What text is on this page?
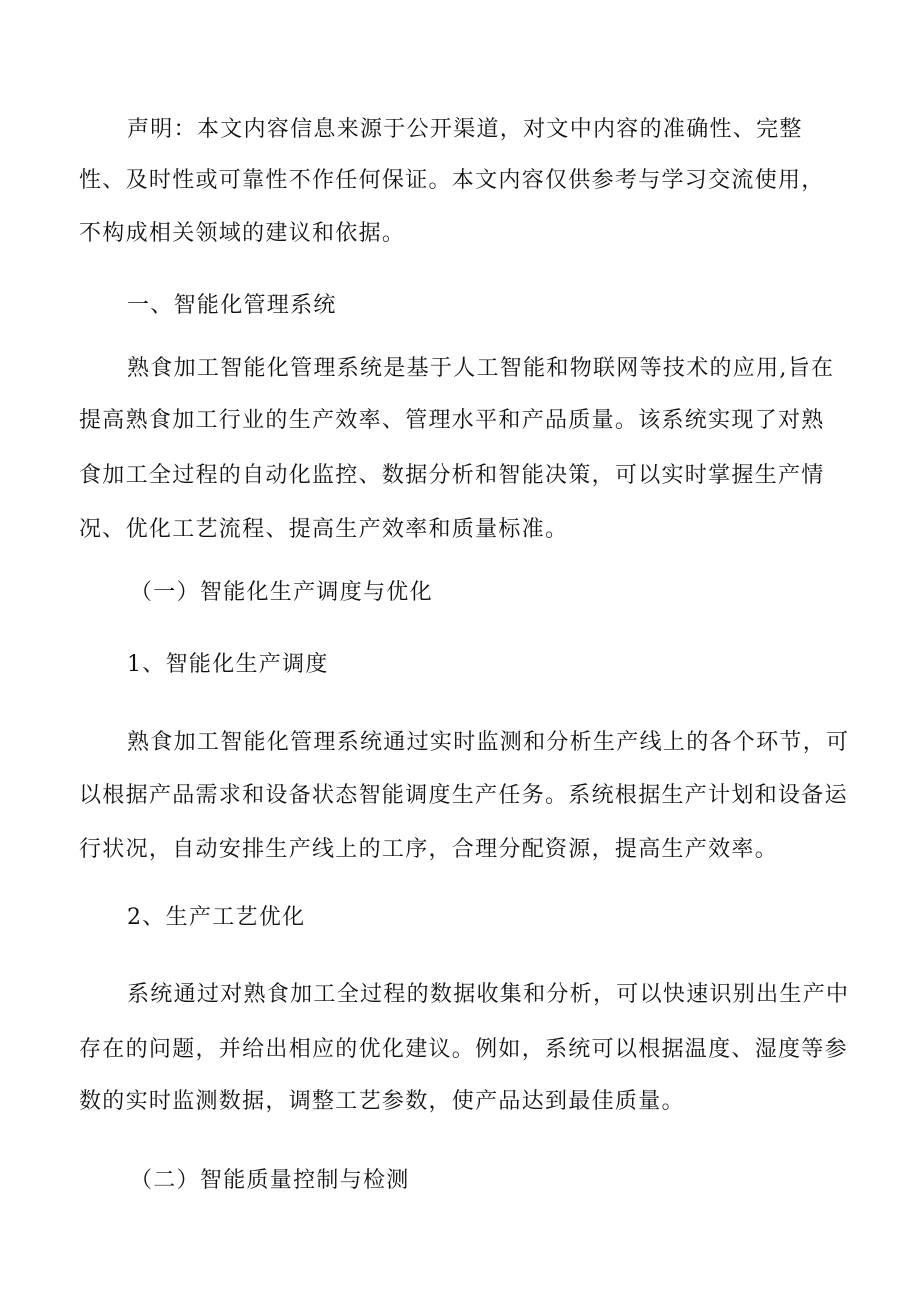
声明：本文内容信息来源于公开渠道，对文中内容的准确性、完整
性、及时性或可靠性不作任何保证。本文内容仅供参考与学习交流使用，
不构成相关领域的建议和依据。
一、智能化管理系统
熟食加工智能化管理系统是基于人工智能和物联网等技术的应用,旨在
提高熟食加工行业的生产效率、管理水平和产品质量。该系统实现了对熟
食加工全过程的自动化监控、数据分析和智能决策，可以实时掌握生产情
况、优化工艺流程、提高生产效率和质量标准。
（一）智能化生产调度与优化
1、智能化生产调度
熟食加工智能化管理系统通过实时监测和分析生产线上的各个环节，可
以根据产品需求和设备状态智能调度生产任务。系统根据生产计划和设备运
行状况，自动安排生产线上的工序，合理分配资源，提高生产效率。
2、生产工艺优化
系统通过对熟食加工全过程的数据收集和分析，可以快速识别出生产中
存在的问题，并给出相应的优化建议。例如，系统可以根据温度、湿度等参
数的实时监测数据，调整工艺参数，使产品达到最佳质量。
（二）智能质量控制与检测
